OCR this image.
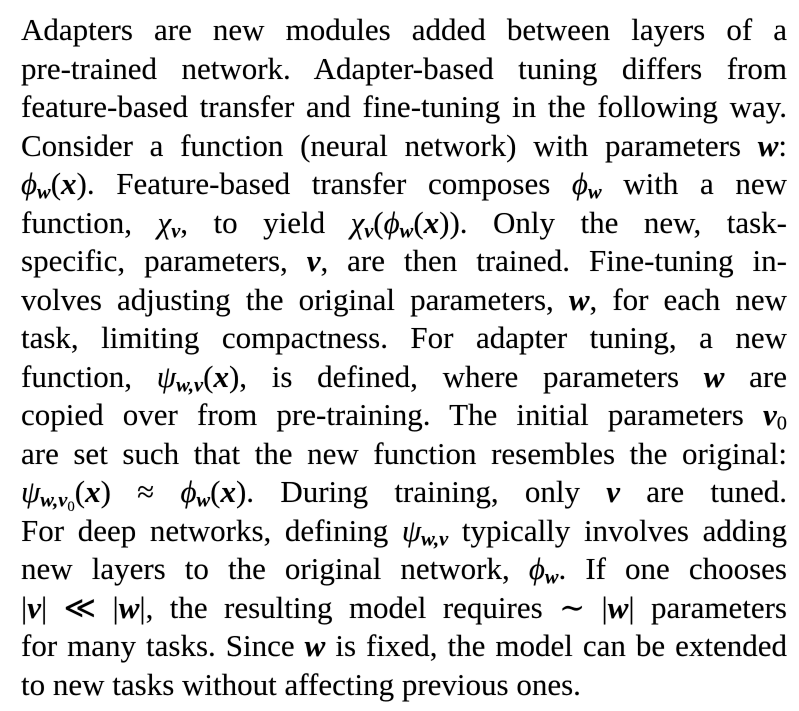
Adapters are new modules added between layers of a
pre-trained network. Adapter-based tuning differs from
feature-based transfer and fine-tuning in the following way.
Consider a function (neural network) with parameters w:
ϕw(x). Feature-based transfer composes ϕw with a new
function, χv, to yield χv(ϕw(x)). Only the new, task-
specific, parameters, v, are then trained. Fine-tuning in-
volves adjusting the original parameters, w, for each new
task, limiting compactness. For adapter tuning, a new
function, ψw,v(x), is defined, where parameters w are
copied over from pre-training. The initial parameters v0
are set such that the new function resembles the original:
$\psi w,v_0(x) \approx \phi w(x)$. During training, only v are tuned.
For deep networks, defining ψw,v typically involves adding
new layers to the original network, ϕw. If one chooses
|v| ≪ |w|, the resulting model requires ∼ |w| parameters
for many tasks. Since w is fixed, the model can be extended
to new tasks without affecting previous ones.
